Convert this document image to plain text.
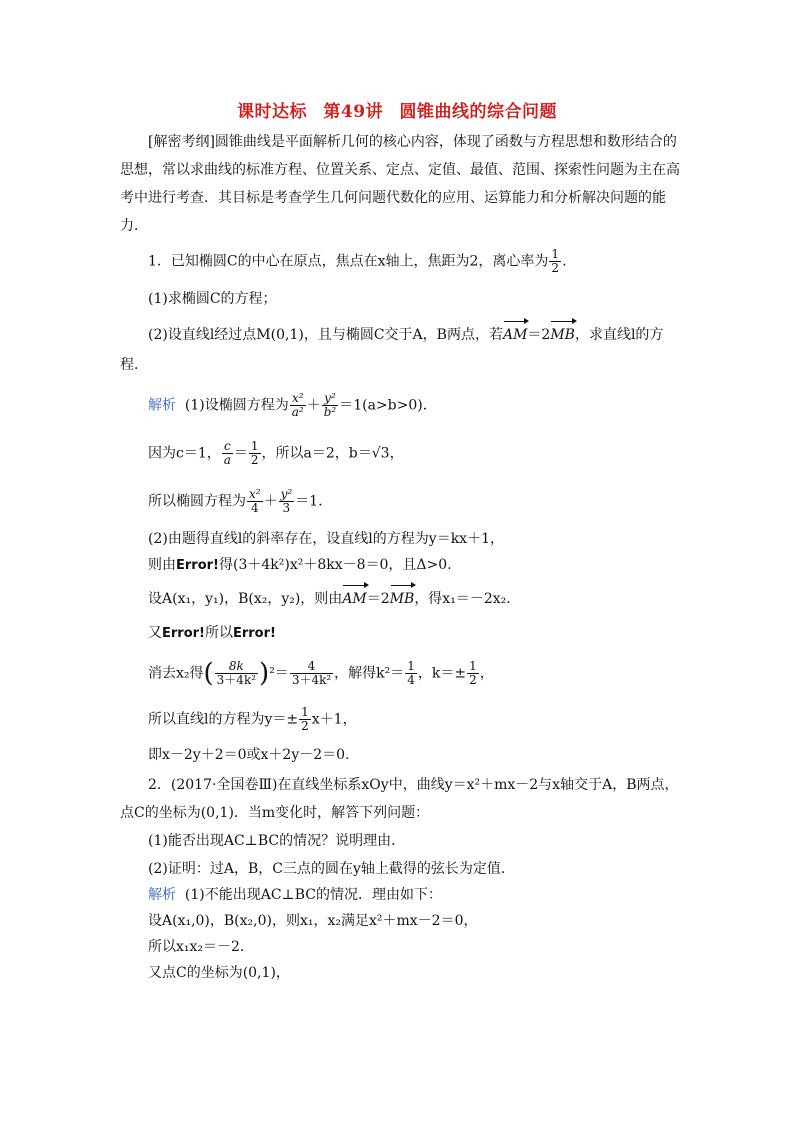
课时达标 第49讲 圆锥曲线的综合问题
[解密考纲]圆锥曲线是平面解析几何的核心内容，体现了函数与方程思想和数形结合的思想，常以求曲线的标准方程、位置关系、定点、定值、最值、范围、探索性问题为主在高考中进行考查．其目标是考查学生几何问题代数化的应用、运算能力和分析解决问题的能力．
1．已知椭圆C的中心在原点，焦点在x轴上，焦距为2，离心率为 $\frac{1}{2}$ .
(1)求椭圆C的方程；
(2)设直线l经过点M(0,1)，且与椭圆C交于A，B两点，若AM＝2MB，求直线l的方
程．
解析 (1)设椭圆方程为 $\frac{\text{x²}}{\text{a²}} + \frac{\text{y²}}{\text{b²}} =1(a>b>0)$．
因为c＝1， $\frac{c}{a} = \frac{1}{2}$ ，所以a＝2，b＝√3，
所以椭圆方程为 $\frac{\text{x²}}{4} + \frac{\text{y²}}{3} =1$.
(2)由题得直线l的斜率存在，设直线l的方程为y＝kx＋1，
则由Error!得(3＋4k²)x²＋8kx－8＝0，且Δ>0.
设A(x₁，y₁)，B(x₂，y₂)，则由AM＝2MB，得x₁＝－2x₂.
又Error!所以Error!
消去x₂得( $\frac{8k}{\text{3＋4k²}} )^2= \frac{4}{\text{3＋4k²}}$ ，解得$k^2= \frac{1}{4}$ ，$k=\pm \frac{1}{2}$ ，
所以直线l的方程为$y=\pm \frac{1}{2} x+1$，
即x－2y＋2＝0或x＋2y－2＝0.
2．(2017·全国卷Ⅲ)在直线坐标系xOy中，曲线y＝x²＋mx－2与x轴交于A，B两点，
点C的坐标为(0,1)．当m变化时，解答下列问题：
(1)能否出现AC⊥BC的情况？说明理由．
(2)证明：过A，B，C三点的圆在y轴上截得的弦长为定值．
解析 (1)不能出现AC⊥BC的情况．理由如下：
设A(x₁,0)，B(x₂,0)，则x₁，x₂满足x²＋mx－2＝0，
所以x₁x₂＝－2.
又点C的坐标为(0,1)，
